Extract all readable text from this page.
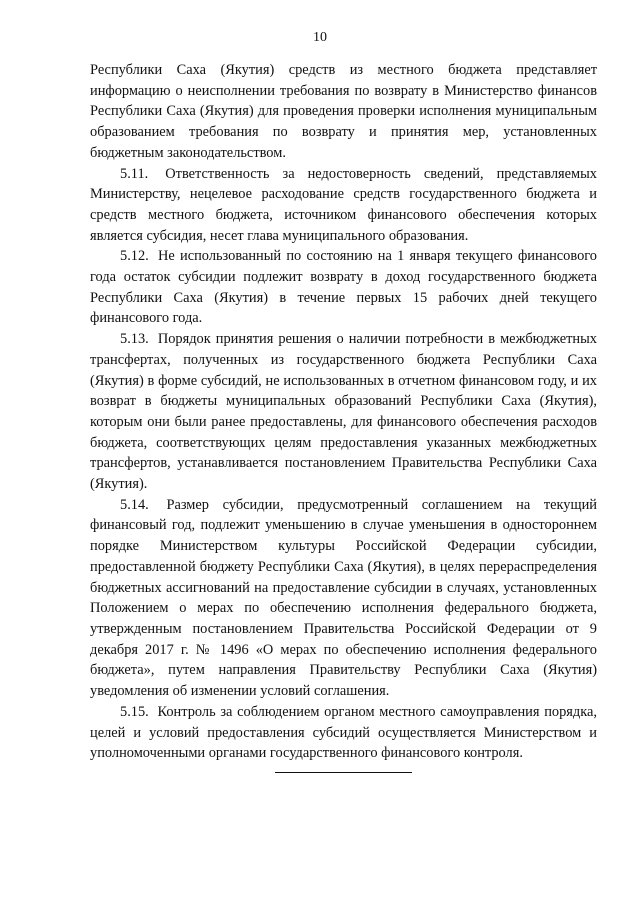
10

Республики Саха (Якутия) средств из местного бюджета представляет информацию о неисполнении требования по возврату в Министерство финансов Республики Саха (Якутия) для проведения проверки исполнения муниципальным образованием требования по возврату и принятия мер, установленных бюджетным законодательством.

5.11. Ответственность за недостоверность сведений, представляемых Министерству, нецелевое расходование средств государственного бюджета и средств местного бюджета, источником финансового обеспечения которых является субсидия, несет глава муниципального образования.

5.12. Не использованный по состоянию на 1 января текущего финансового года остаток субсидии подлежит возврату в доход государственного бюджета Республики Саха (Якутия) в течение первых 15 рабочих дней текущего финансового года.

5.13. Порядок принятия решения о наличии потребности в межбюджетных трансфертах, полученных из государственного бюджета Республики Саха (Якутия) в форме субсидий, не использованных в отчетном финансовом году, и их возврат в бюджеты муниципальных образований Республики Саха (Якутия), которым они были ранее предоставлены, для финансового обеспечения расходов бюджета, соответствующих целям предоставления указанных межбюджетных трансфертов, устанавливается постановлением Правительства Республики Саха (Якутия).

5.14. Размер субсидии, предусмотренный соглашением на текущий финансовый год, подлежит уменьшению в случае уменьшения в одностороннем порядке Министерством культуры Российской Федерации субсидии, предоставленной бюджету Республики Саха (Якутия), в целях перераспределения бюджетных ассигнований на предоставление субсидии в случаях, установленных Положением о мерах по обеспечению исполнения федерального бюджета, утвержденным постановлением Правительства Российской Федерации от 9 декабря 2017 г. № 1496 «О мерах по обеспечению исполнения федерального бюджета», путем направления Правительству Республики Саха (Якутия) уведомления об изменении условий соглашения.

5.15. Контроль за соблюдением органом местного самоуправления порядка, целей и условий предоставления субсидий осуществляется Министерством и уполномоченными органами государственного финансового контроля.
